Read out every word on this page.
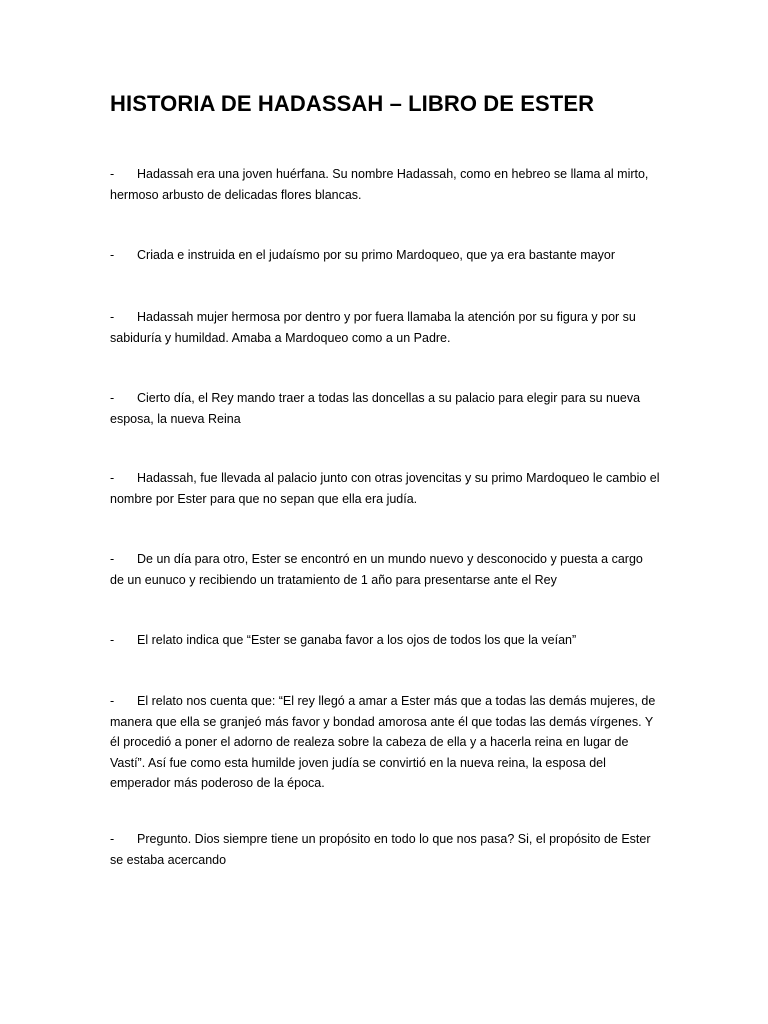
HISTORIA DE HADASSAH – LIBRO DE ESTER
- Hadassah era una joven huérfana. Su nombre Hadassah, como en hebreo se llama al mirto, hermoso arbusto de delicadas flores blancas.
- Criada e instruida en el judaísmo por su primo Mardoqueo, que ya era bastante mayor
- Hadassah mujer hermosa por dentro y por fuera llamaba la atención por su figura y por su sabiduría y humildad. Amaba a Mardoqueo como a un Padre.
- Cierto día, el Rey mando traer a todas las doncellas a su palacio para elegir para su nueva esposa, la nueva Reina
- Hadassah, fue llevada al palacio junto con otras jovencitas y su primo Mardoqueo le cambio el nombre por Ester para que no sepan que ella era judía.
- De un día para otro, Ester se encontró en un mundo nuevo y desconocido y puesta a cargo de un eunuco y recibiendo un tratamiento de 1 año para presentarse ante el Rey
- El relato indica que “Ester se ganaba favor a los ojos de todos los que la veían”
- El relato nos cuenta que: “El rey llegó a amar a Ester más que a todas las demás mujeres, de manera que ella se granjeó más favor y bondad amorosa ante él que todas las demás vírgenes. Y él procedió a poner el adorno de realeza sobre la cabeza de ella y a hacerla reina en lugar de Vastí”. Así fue como esta humilde joven judía se convirtió en la nueva reina, la esposa del emperador más poderoso de la época.
- Pregunto. Dios siempre tiene un propósito en todo lo que nos pasa? Si, el propósito de Ester se estaba acercando
